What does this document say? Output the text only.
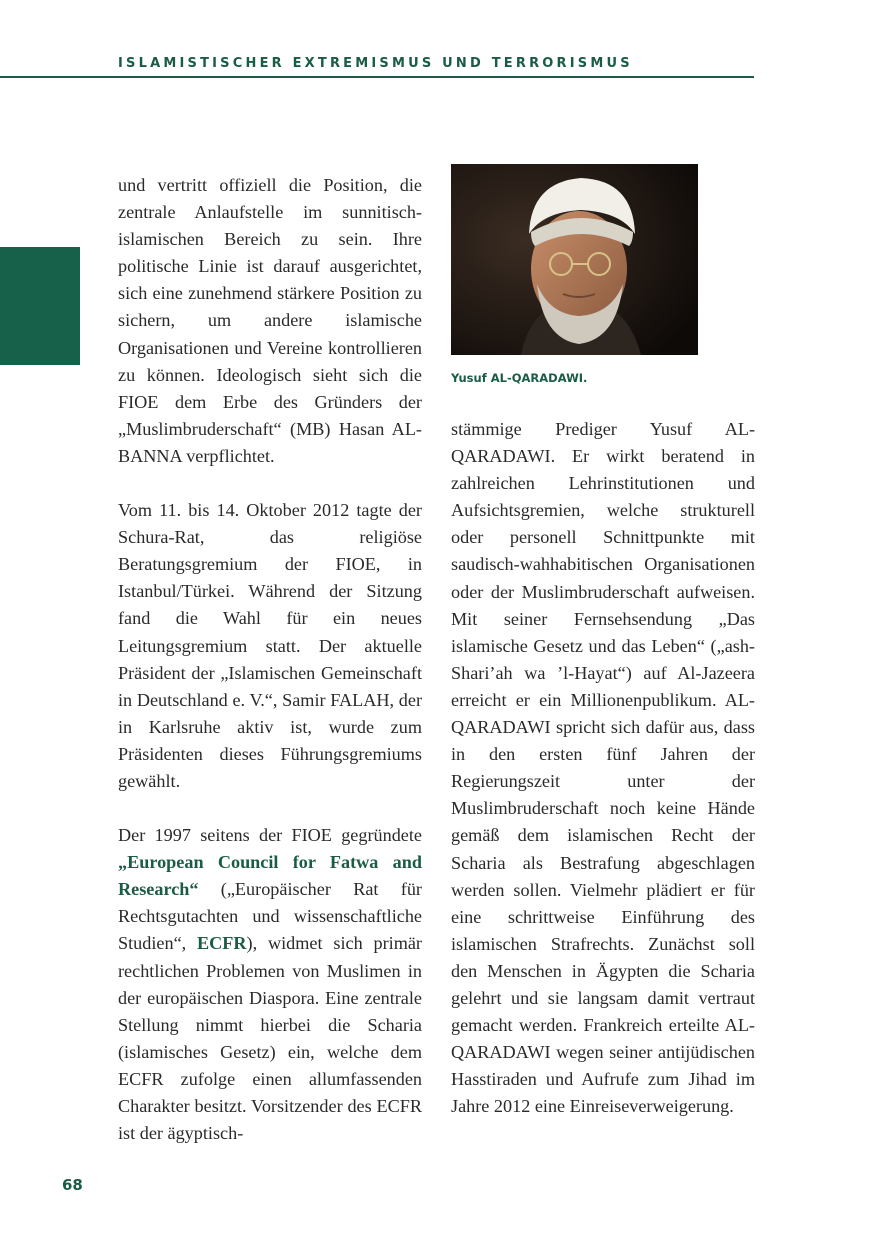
ISLAMISTISCHER EXTREMISMUS UND TERRORISMUS

und vertritt offiziell die Position, die zentrale Anlaufstelle im sunnitisch-islamischen Bereich zu sein. Ihre politische Linie ist darauf ausgerichtet, sich eine zunehmend stärkere Position zu sichern, um andere islamische Organisationen und Vereine kontrollieren zu können. Ideologisch sieht sich die FIOE dem Erbe des Gründers der „Muslimbruderschaft“ (MB) Hasan AL-BANNA verpflichtet.

Vom 11. bis 14. Oktober 2012 tagte der Schura-Rat, das religiöse Beratungsgremium der FIOE, in Istanbul/Türkei. Während der Sitzung fand die Wahl für ein neues Leitungsgremium statt. Der aktuelle Präsident der „Islamischen Gemeinschaft in Deutschland e. V.“, Samir FALAH, der in Karlsruhe aktiv ist, wurde zum Präsidenten dieses Führungsgremiums gewählt.

Der 1997 seitens der FIOE gegründete „European Council for Fatwa and Research“ („Europäischer Rat für Rechtsgutachten und wissenschaftliche Studien“, ECFR), widmet sich primär rechtlichen Problemen von Muslimen in der europäischen Diaspora. Eine zentrale Stellung nimmt hierbei die Scharia (islamisches Gesetz) ein, welche dem ECFR zufolge einen allumfassenden Charakter besitzt. Vorsitzender des ECFR ist der ägyptisch-

Yusuf AL-QARADAWI.

stämmige Prediger Yusuf AL-QARADAWI. Er wirkt beratend in zahlreichen Lehrinstitutionen und Aufsichtsgremien, welche strukturell oder personell Schnittpunkte mit saudisch-wahhabitischen Organisationen oder der Muslimbruderschaft aufweisen. Mit seiner Fernsehsendung „Das islamische Gesetz und das Leben“ („ash-Shari’ah wa ’l-Hayat“) auf Al-Jazeera erreicht er ein Millionenpublikum. AL-QARADAWI spricht sich dafür aus, dass in den ersten fünf Jahren der Regierungszeit unter der Muslimbruderschaft noch keine Hände gemäß dem islamischen Recht der Scharia als Bestrafung abgeschlagen werden sollen. Vielmehr plädiert er für eine schrittweise Einführung des islamischen Strafrechts. Zunächst soll den Menschen in Ägypten die Scharia gelehrt und sie langsam damit vertraut gemacht werden. Frankreich erteilte AL-QARADAWI wegen seiner antijüdischen Hasstiraden und Aufrufe zum Jihad im Jahre 2012 eine Einreiseverweigerung.

68
